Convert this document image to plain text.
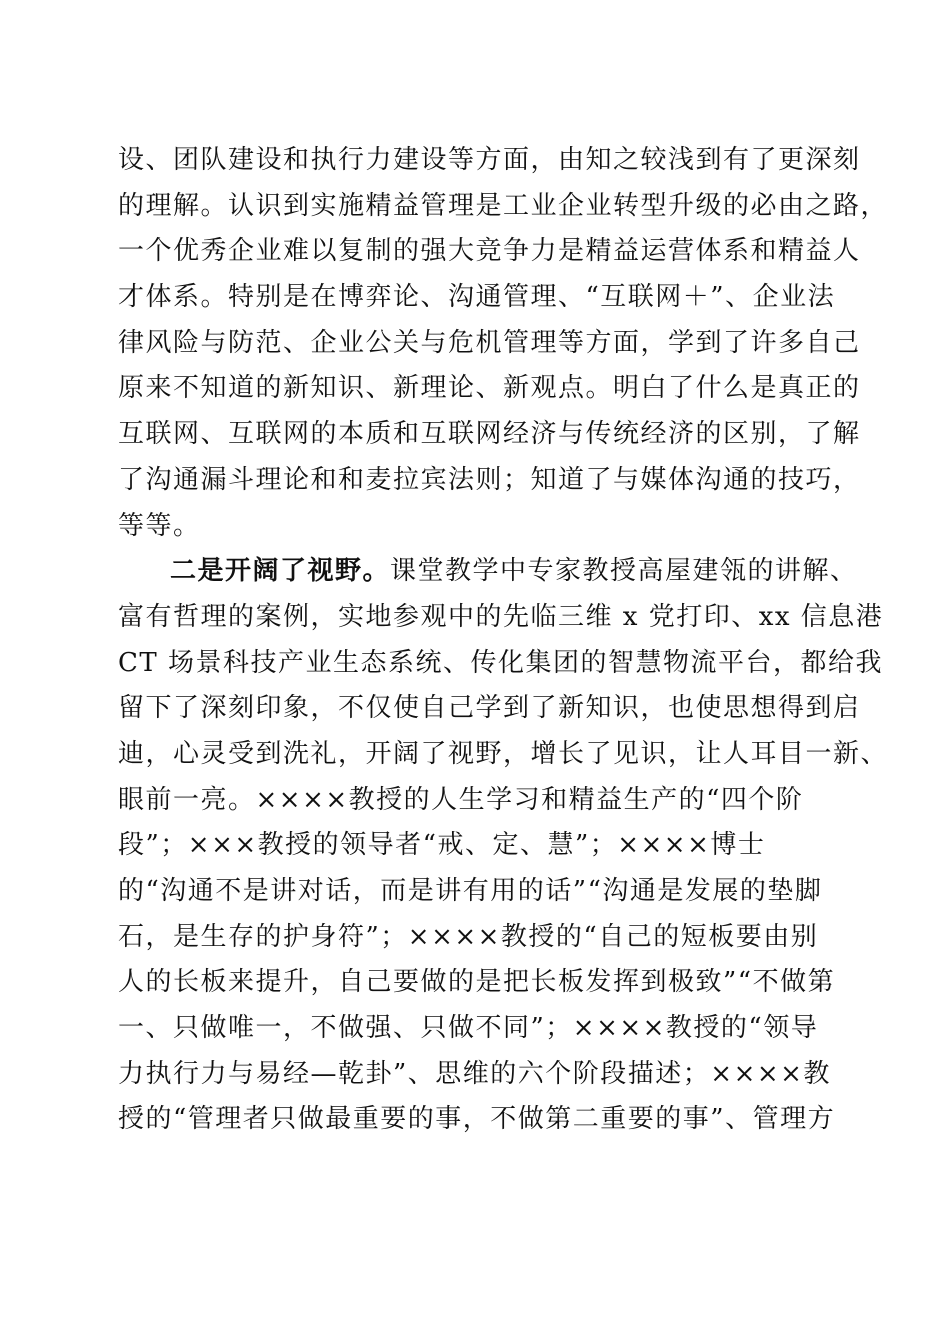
设、团队建设和执行力建设等方面，由知之较浅到有了更深刻
的理解。认识到实施精益管理是工业企业转型升级的必由之路，
一个优秀企业难以复制的强大竞争力是精益运营体系和精益人
才体系。特别是在博弈论、沟通管理、“互联网＋”、企业法
律风险与防范、企业公关与危机管理等方面，学到了许多自己
原来不知道的新知识、新理论、新观点。明白了什么是真正的
互联网、互联网的本质和互联网经济与传统经济的区别，了解
了沟通漏斗理论和和麦拉宾法则；知道了与媒体沟通的技巧，
等等。
二是开阔了视野。课堂教学中专家教授高屋建瓴的讲解、
富有哲理的案例，实地参观中的先临三维 x 党打印、xx 信息港
CT 场景科技产业生态系统、传化集团的智慧物流平台，都给我
留下了深刻印象，不仅使自己学到了新知识，也使思想得到启
迪，心灵受到洗礼，开阔了视野，增长了见识，让人耳目一新、
眼前一亮。××××教授的人生学习和精益生产的“四个阶
段”；×××教授的领导者“戒、定、慧”；××××博士
的“沟通不是讲对话，而是讲有用的话”“沟通是发展的垫脚
石，是生存的护身符”；××××教授的“自己的短板要由别
人的长板来提升，自己要做的是把长板发挥到极致”“不做第
一、只做唯一，不做强、只做不同”；××××教授的“领导
力执行力与易经—乾卦”、思维的六个阶段描述；××××教
授的“管理者只做最重要的事，不做第二重要的事”、管理方
